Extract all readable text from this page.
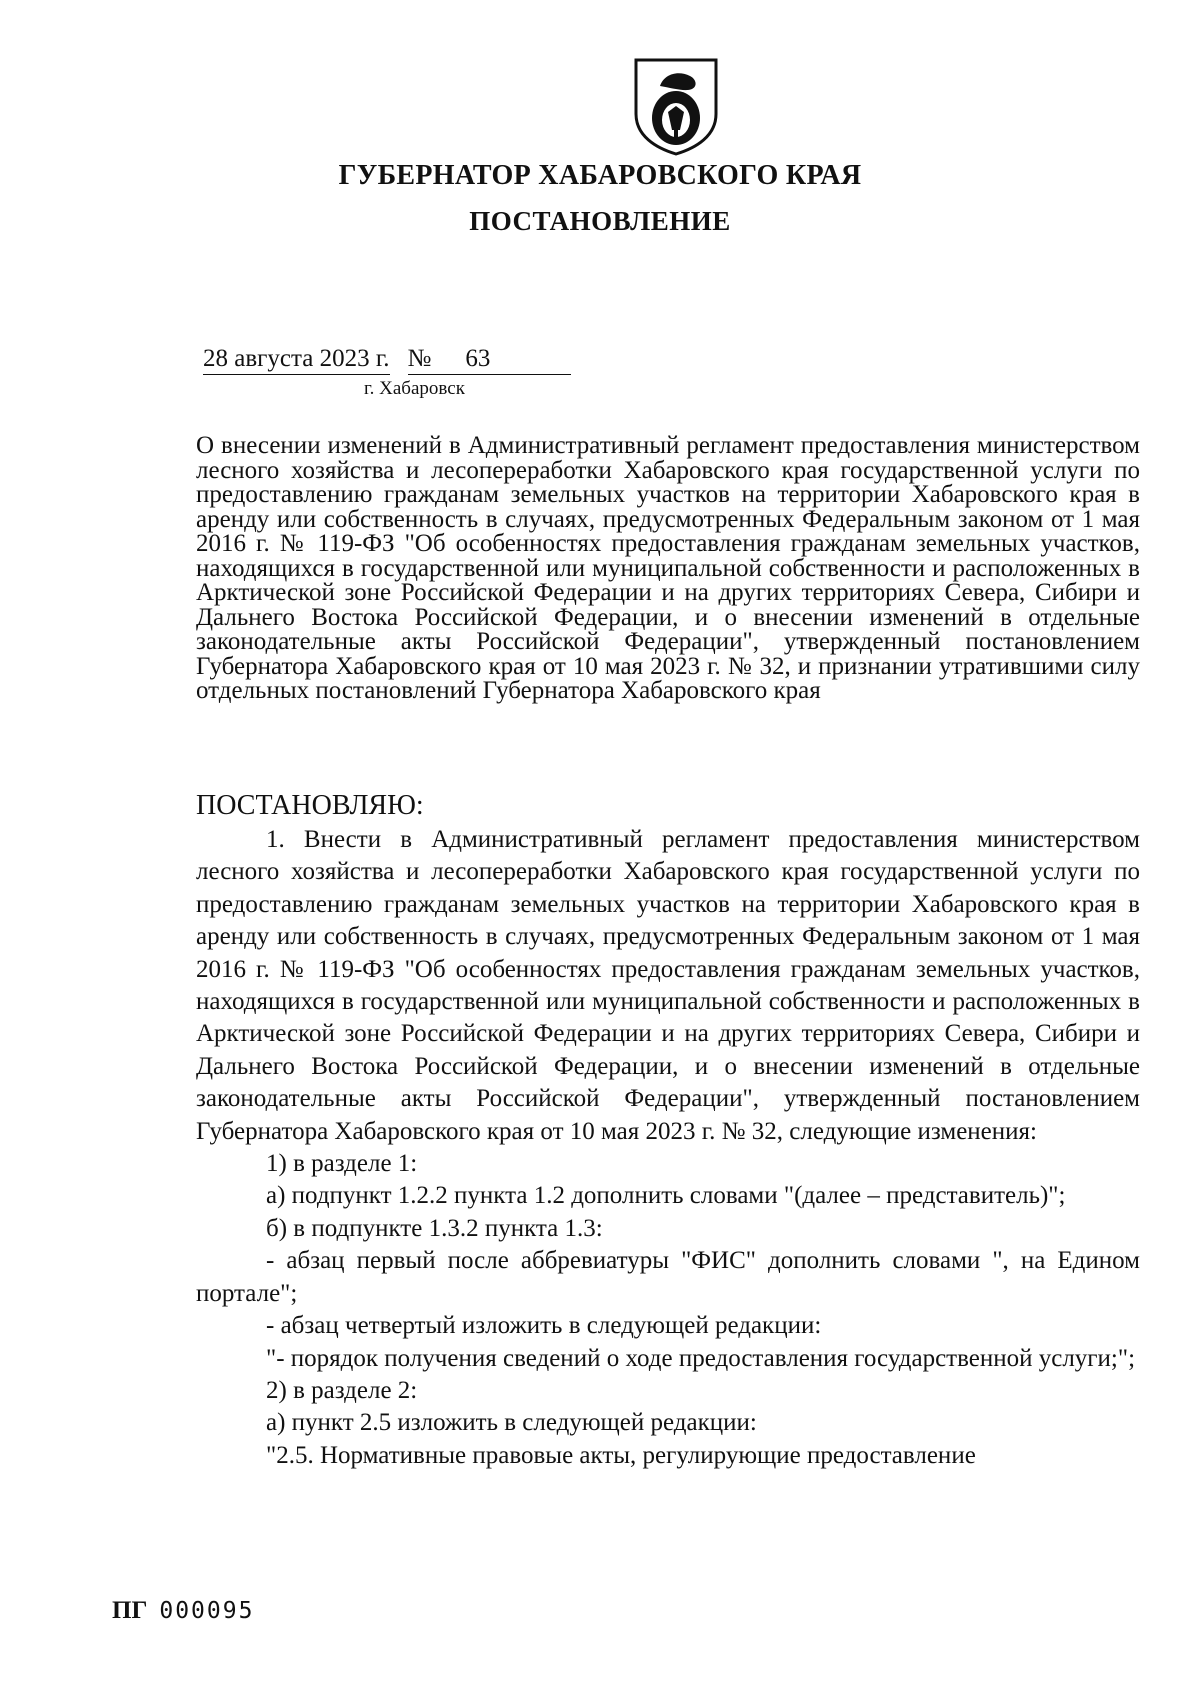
ГУБЕРНАТОР ХАБАРОВСКОГО КРАЯ
ПОСТАНОВЛЕНИЕ
28 августа 2023 г. №	63
г. Хабаровск

О внесении изменений в Административный регламент предоставления министерством лесного хозяйства и лесопереработки Хабаровского края государственной услуги по предоставлению гражданам земельных участков на территории Хабаровского края в аренду или собственность в случаях, предусмотренных Федеральным законом от 1 мая 2016 г. № 119-ФЗ "Об особенностях предоставления гражданам земельных участков, находящихся в государственной или муниципальной собственности и расположенных в Арктической зоне Российской Федерации и на других территориях Севера, Сибири и Дальнего Востока Российской Федерации, и о внесении изменений в отдельные законодательные акты Российской Федерации", утвержденный постановлением Губернатора Хабаровского края от 10 мая 2023 г. № 32, и признании утратившими силу отдельных постановлений Губернатора Хабаровского края

ПОСТАНОВЛЯЮ:

1. Внести в Административный регламент предоставления министерством лесного хозяйства и лесопереработки Хабаровского края государственной услуги по предоставлению гражданам земельных участков на территории Хабаровского края в аренду или собственность в случаях, предусмотренных Федеральным законом от 1 мая 2016 г. № 119-ФЗ "Об особенностях предоставления гражданам земельных участков, находящихся в государственной или муниципальной собственности и расположенных в Арктической зоне Российской Федерации и на других территориях Севера, Сибири и Дальнего Востока Российской Федерации, и о внесении изменений в отдельные законодательные акты Российской Федерации", утвержденный постановлением Губернатора Хабаровского края от 10 мая 2023 г. № 32, следующие изменения:

1) в разделе 1:

а) подпункт 1.2.2 пункта 1.2 дополнить словами "(далее – представитель)";

б) в подпункте 1.3.2 пункта 1.3:

- абзац первый после аббревиатуры "ФИС" дополнить словами ", на Едином портале";

- абзац четвертый изложить в следующей редакции:

"- порядок получения сведений о ходе предоставления государственной услуги;";

2) в разделе 2:

а) пункт 2.5 изложить в следующей редакции:

"2.5. Нормативные правовые акты, регулирующие предоставление

ПГ 000095
